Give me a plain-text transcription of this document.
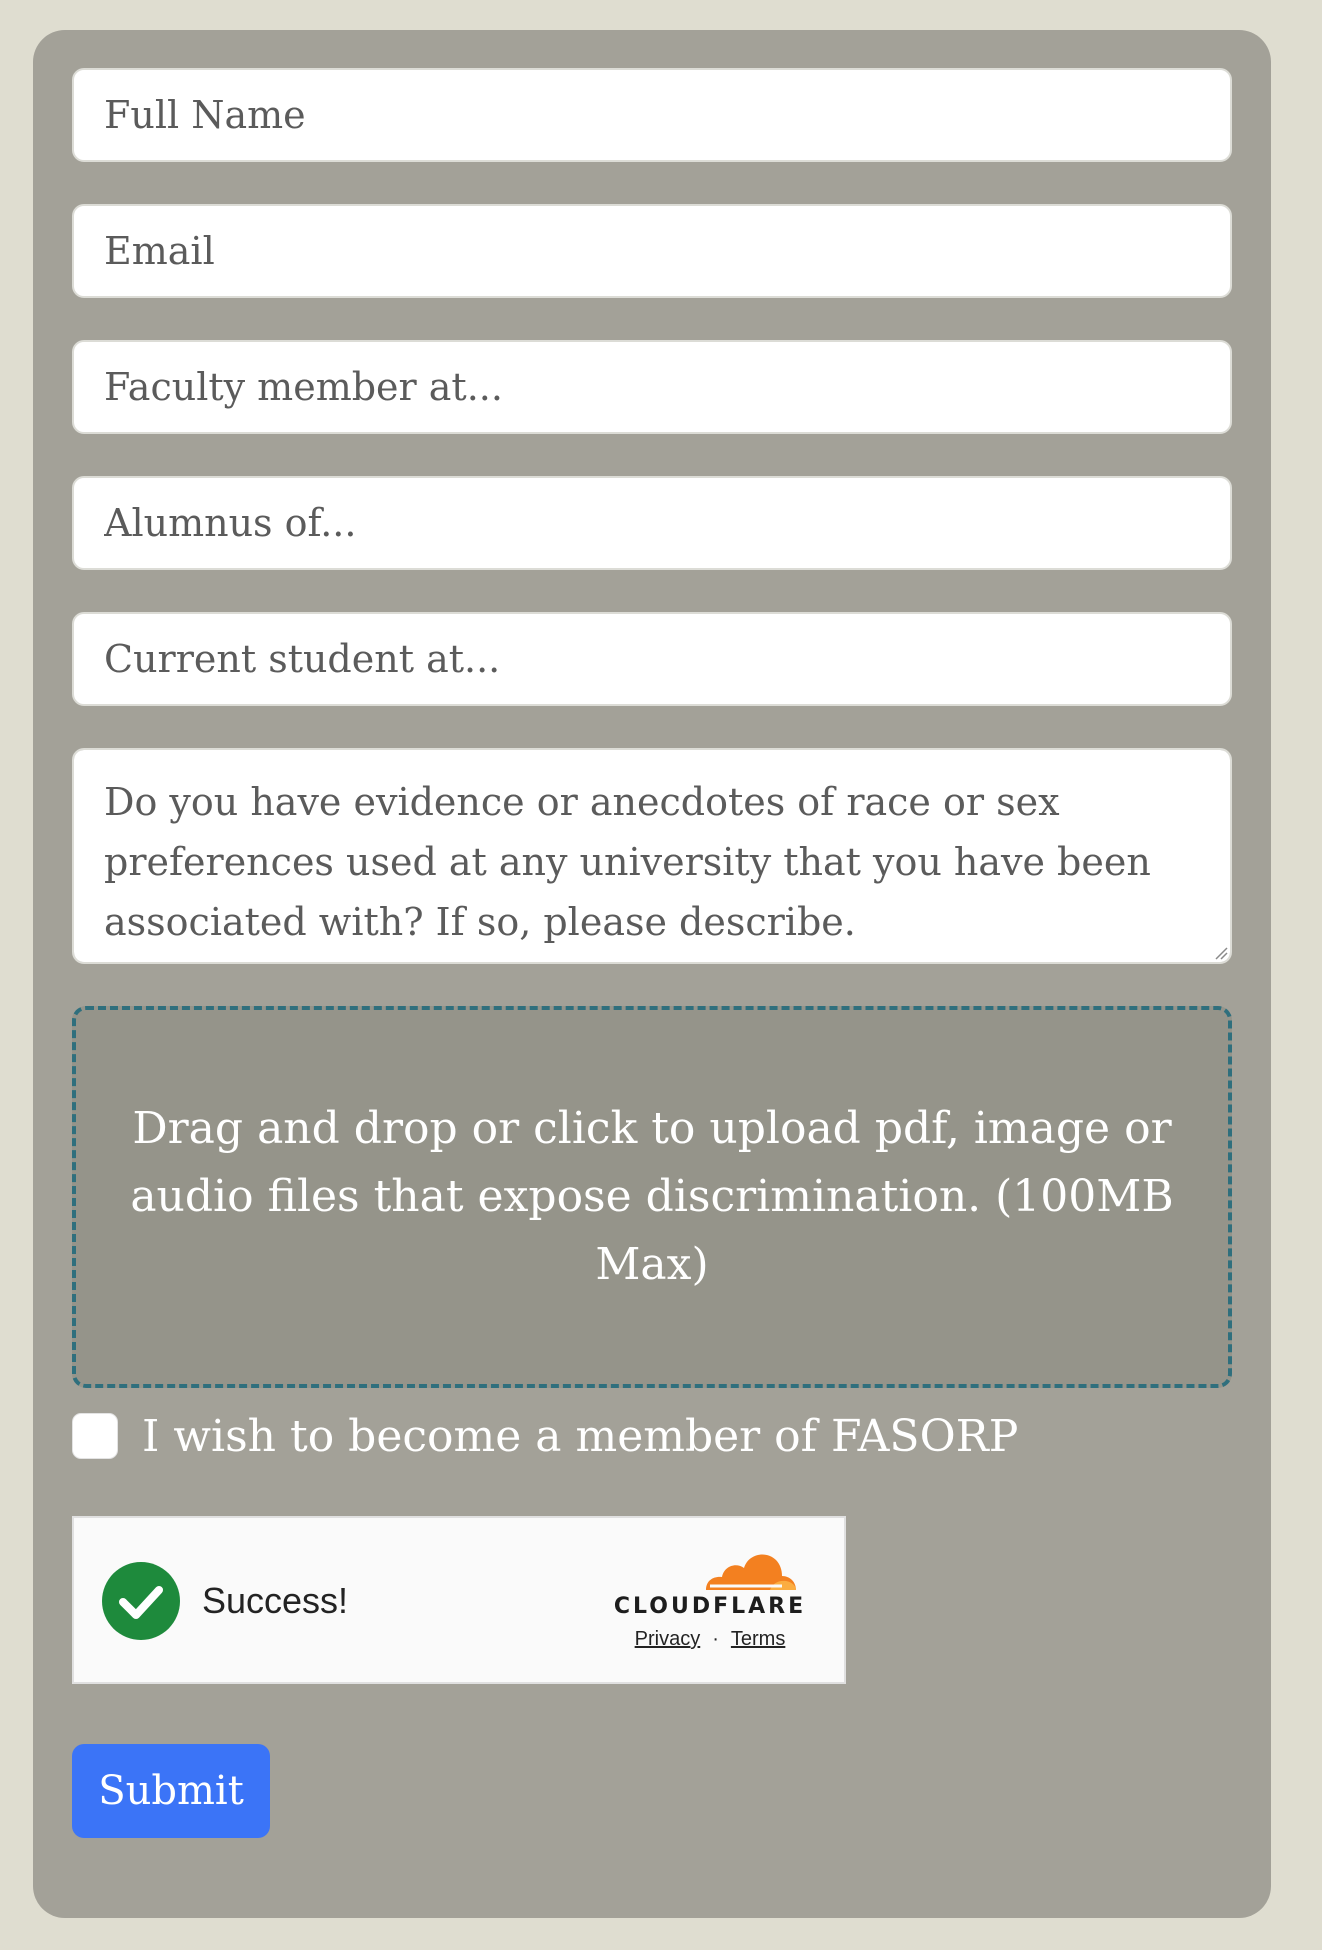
Full Name
Email
Faculty member at...
Alumnus of...
Current student at...
Do you have evidence or anecdotes of race or sex preferences used at any university that you have been associated with? If so, please describe.
Drag and drop or click to upload pdf, image or audio files that expose discrimination. (100MB Max)
I wish to become a member of FASORP
Success!	CLOUDFLARE
Privacy · Terms
Submit
